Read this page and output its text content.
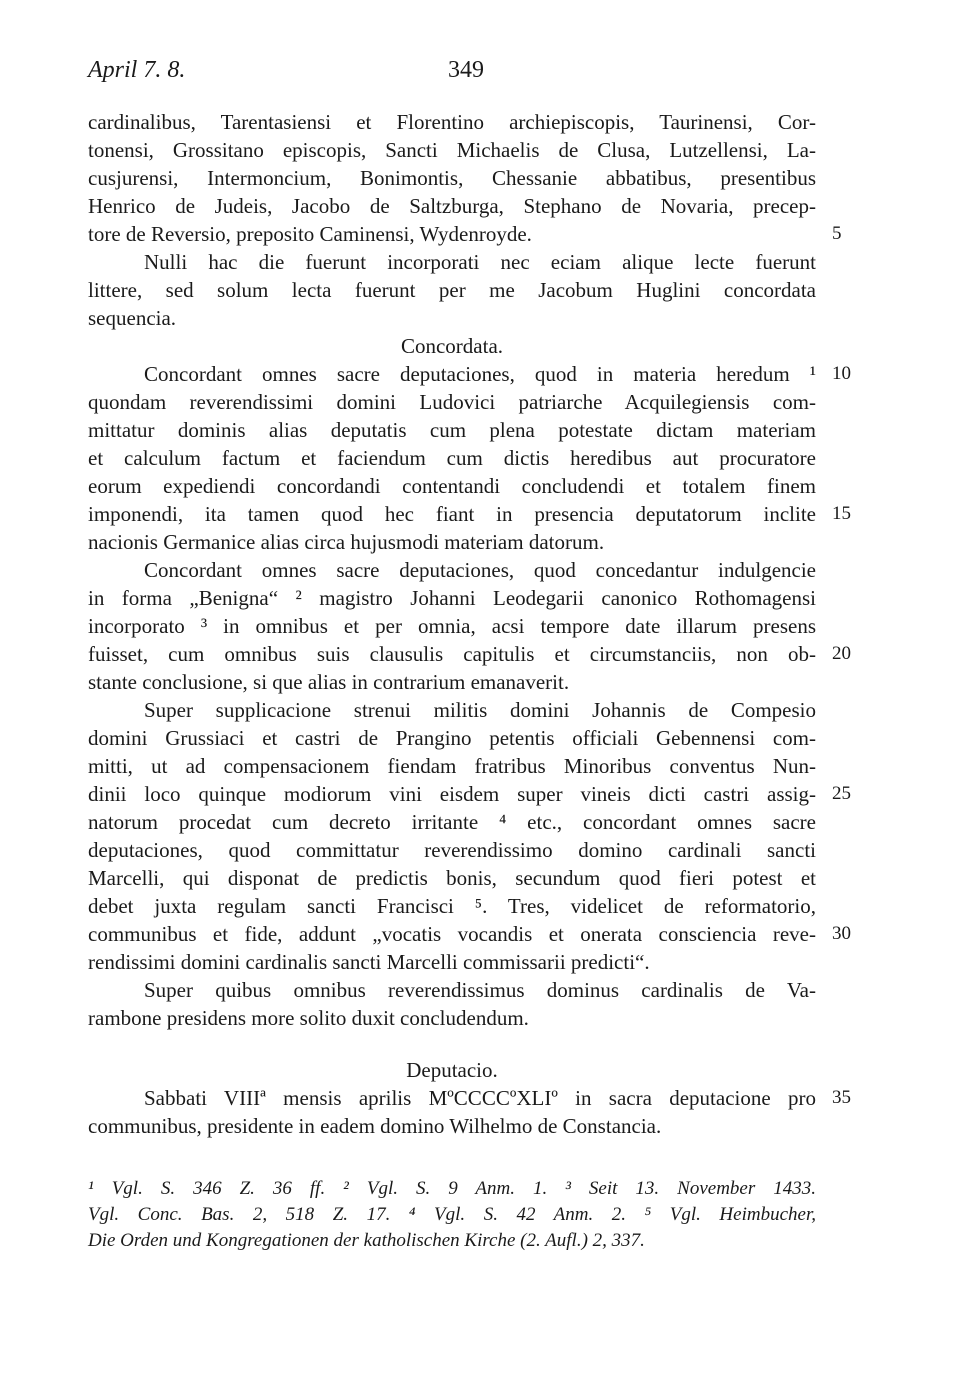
April 7. 8.	349
cardinalibus, Tarentasiensi et Florentino archiepiscopis, Taurinensi, Cor-
tonensi, Grossitano episcopis, Sancti Michaelis de Clusa, Lutzellensi, La-
cusjurensi, Intermoncium, Bonimontis, Chessanie abbatibus, presentibus
Henrico de Judeis, Jacobo de Saltzburga, Stephano de Novaria, precep-
tore de Reversio, preposito Caminensi, Wydenroyde.
Nulli hac die fuerunt incorporati nec eciam alique lecte fuerunt
littere, sed solum lecta fuerunt per me Jacobum Huglini concordata
sequencia.
Concordata.
Concordant omnes sacre deputaciones, quod in materia heredum ¹
quondam reverendissimi domini Ludovici patriarche Acquilegiensis com-
mittatur dominis alias deputatis cum plena potestate dictam materiam
et calculum factum et faciendum cum dictis heredibus aut procuratore
eorum expediendi concordandi contentandi concludendi et totalem finem
imponendi, ita tamen quod hec fiant in presencia deputatorum inclite
nacionis Germanice alias circa hujusmodi materiam datorum.
Concordant omnes sacre deputaciones, quod concedantur indulgencie
in forma „Benigna“ ² magistro Johanni Leodegarii canonico Rothomagensi
incorporato ³ in omnibus et per omnia, acsi tempore date illarum presens
fuisset, cum omnibus suis clausulis capitulis et circumstanciis, non ob-
stante conclusione, si que alias in contrarium emanaverit.
Super supplicacione strenui militis domini Johannis de Compesio
domini Grussiaci et castri de Prangino petentis officiali Gebennensi com-
mitti, ut ad compensacionem fiendam fratribus Minoribus conventus Nun-
dinii loco quinque modiorum vini eisdem super vineis dicti castri assig-
natorum procedat cum decreto irritante ⁴ etc., concordant omnes sacre
deputaciones, quod committatur reverendissimo domino cardinali sancti
Marcelli, qui disponat de predictis bonis, secundum quod fieri potest et
debet juxta regulam sancti Francisci ⁵. Tres, videlicet de reformatorio,
communibus et fide, addunt „vocatis vocandis et onerata consciencia reve-
rendissimi domini cardinalis sancti Marcelli commissarii predicti“.
Super quibus omnibus reverendissimus dominus cardinalis de Va-
rambone presidens more solito duxit concludendum.
Deputacio.
Sabbati VIIIª mensis aprilis MºCCCCºXLIº in sacra deputacione pro
communibus, presidente in eadem domino Wilhelmo de Constancia.
5
10
15
20
25
30
35
¹ Vgl. S. 346 Z. 36 ff. ² Vgl. S. 9 Anm. 1. ³ Seit 13. November 1433.
Vgl. Conc. Bas. 2, 518 Z. 17. ⁴ Vgl. S. 42 Anm. 2. ⁵ Vgl. Heimbucher,
Die Orden und Kongregationen der katholischen Kirche (2. Aufl.) 2, 337.
